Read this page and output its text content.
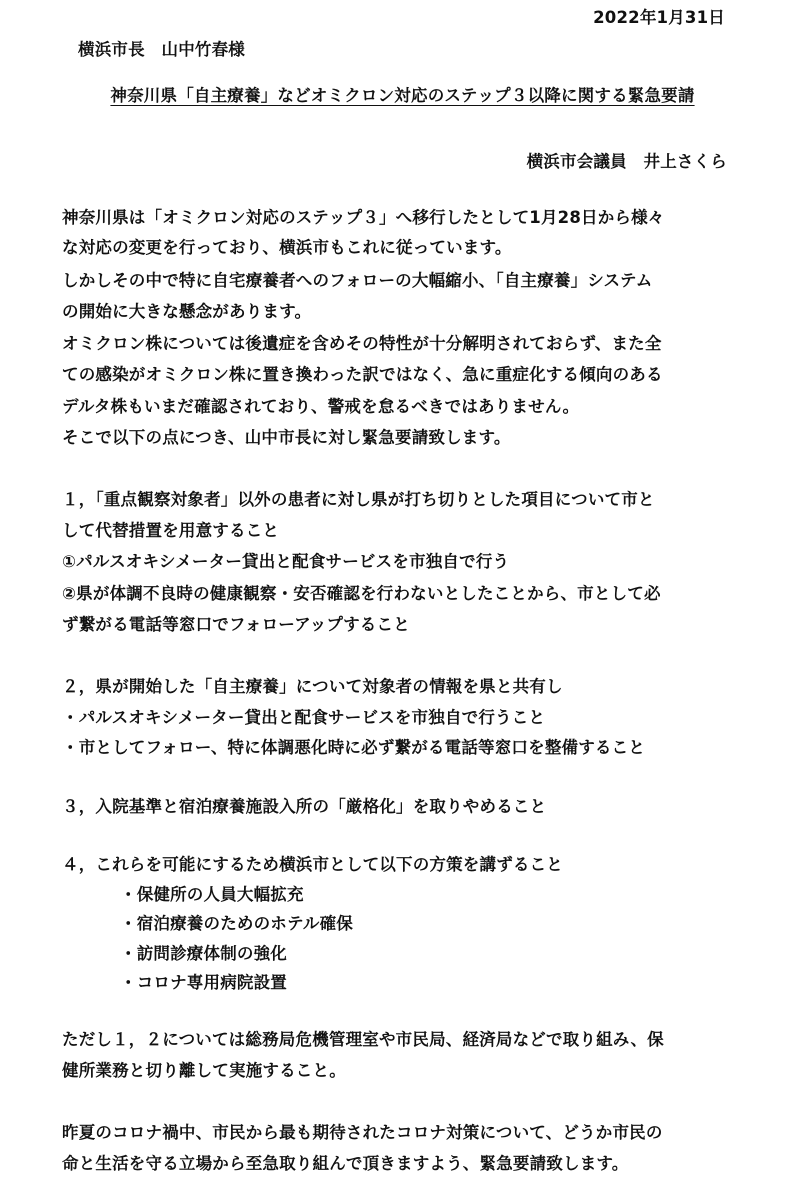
2022年1月31日
横浜市長　山中竹春様
神奈川県「自主療養」などオミクロン対応のステップ３以降に関する緊急要請
横浜市会議員　井上さくら
神奈川県は「オミクロン対応のステップ３」へ移行したとして1月28日から様々
な対応の変更を行っており、横浜市もこれに従っています。
しかしその中で特に自宅療養者へのフォローの大幅縮小、「自主療養」システム
の開始に大きな懸念があります。
オミクロン株については後遺症を含めその特性が十分解明されておらず、また全
ての感染がオミクロン株に置き換わった訳ではなく、急に重症化する傾向のある
デルタ株もいまだ確認されており、警戒を怠るべきではありません。
そこで以下の点につき、山中市長に対し緊急要請致します。
１，「重点観察対象者」以外の患者に対し県が打ち切りとした項目について市と
して代替措置を用意すること
①パルスオキシメーター貸出と配食サービスを市独自で行う
②県が体調不良時の健康観察・安否確認を行わないとしたことから、市として必
ず繋がる電話等窓口でフォローアップすること
２，県が開始した「自主療養」について対象者の情報を県と共有し
・パルスオキシメーター貸出と配食サービスを市独自で行うこと
・市としてフォロー、特に体調悪化時に必ず繋がる電話等窓口を整備すること
３，入院基準と宿泊療養施設入所の「厳格化」を取りやめること
４，これらを可能にするため横浜市として以下の方策を講ずること
・保健所の人員大幅拡充
・宿泊療養のためのホテル確保
・訪問診療体制の強化
・コロナ専用病院設置
ただし１，２については総務局危機管理室や市民局、経済局などで取り組み、保
健所業務と切り離して実施すること。
昨夏のコロナ禍中、市民から最も期待されたコロナ対策について、どうか市民の
命と生活を守る立場から至急取り組んで頂きますよう、緊急要請致します。
